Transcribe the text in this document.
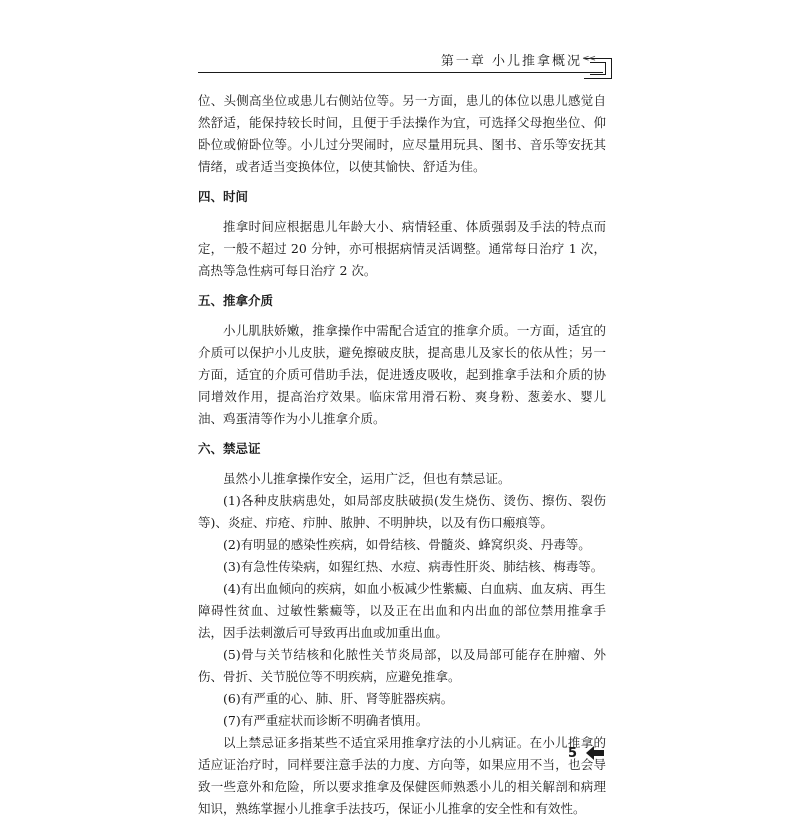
第一章 小儿推拿概况 <<

位、头侧高坐位或患儿右侧站位等。另一方面，患儿的体位以患儿感觉自然舒适，能保持较长时间，且便于手法操作为宜，可选择父母抱坐位、仰卧位或俯卧位等。小儿过分哭闹时，应尽量用玩具、图书、音乐等安抚其情绪，或者适当变换体位，以使其愉快、舒适为佳。

四、时间

推拿时间应根据患儿年龄大小、病情轻重、体质强弱及手法的特点而定，一般不超过 20 分钟，亦可根据病情灵活调整。通常每日治疗 1 次，高热等急性病可每日治疗 2 次。

五、推拿介质

小儿肌肤娇嫩，推拿操作中需配合适宜的推拿介质。一方面，适宜的介质可以保护小儿皮肤，避免擦破皮肤，提高患儿及家长的依从性；另一方面，适宜的介质可借助手法，促进透皮吸收，起到推拿手法和介质的协同增效作用，提高治疗效果。临床常用滑石粉、爽身粉、葱姜水、婴儿油、鸡蛋清等作为小儿推拿介质。

六、禁忌证

虽然小儿推拿操作安全，运用广泛，但也有禁忌证。

(1)各种皮肤病患处，如局部皮肤破损(发生烧伤、烫伤、擦伤、裂伤等)、炎症、疖疮、疖肿、脓肿、不明肿块，以及有伤口瘢痕等。

(2)有明显的感染性疾病，如骨结核、骨髓炎、蜂窝织炎、丹毒等。

(3)有急性传染病，如猩红热、水痘、病毒性肝炎、肺结核、梅毒等。

(4)有出血倾向的疾病，如血小板减少性紫癜、白血病、血友病、再生障碍性贫血、过敏性紫癜等，以及正在出血和内出血的部位禁用推拿手法，因手法刺激后可导致再出血或加重出血。

(5)骨与关节结核和化脓性关节炎局部，以及局部可能存在肿瘤、外伤、骨折、关节脱位等不明疾病，应避免推拿。

(6)有严重的心、肺、肝、肾等脏器疾病。

(7)有严重症状而诊断不明确者慎用。

以上禁忌证多指某些不适宜采用推拿疗法的小儿病证。在小儿推拿的适应证治疗时，同样要注意手法的力度、方向等，如果应用不当，也会导致一些意外和危险，所以要求推拿及保健医师熟悉小儿的相关解剖和病理知识，熟练掌握小儿推拿手法技巧，保证小儿推拿的安全性和有效性。

5
